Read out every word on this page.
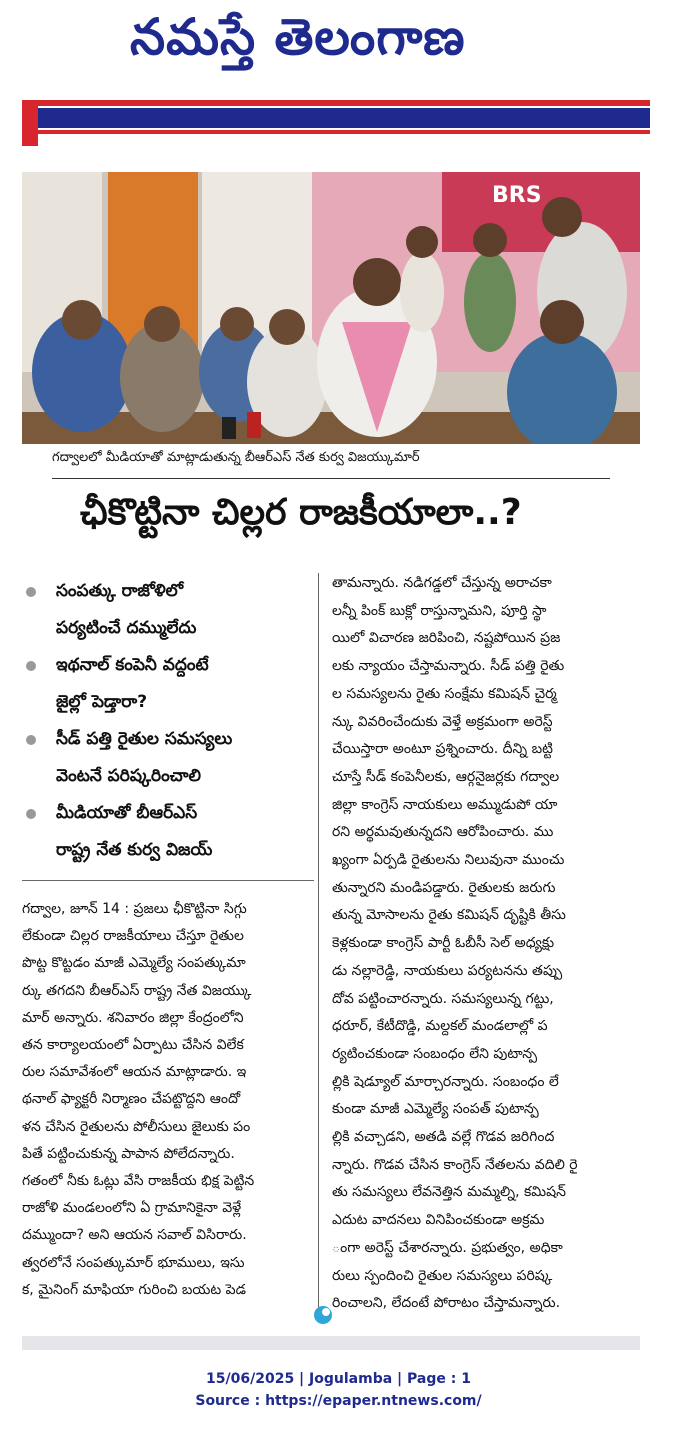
నమస్తే తెలంగాణ
BRS
గద్వాలలో మీడియాతో మాట్లాడుతున్న బీఆర్ఎస్ నేత కుర్వ విజయ్కుమార్
ఛీకొట్టినా చిల్లర రాజకీయాలా..?
సంపత్కు రాజోళిలో
పర్యటించే దమ్ములేదు
ఇథనాల్ కంపెనీ వద్దంటే
జైల్లో పెడ్తారా?
సీడ్ పత్తి రైతుల సమస్యలు
వెంటనే పరిష్కరించాలి
మీడియాతో బీఆర్ఎస్
రాష్ట్ర నేత కుర్వ విజయ్
గద్వాల, జూన్ 14 : ప్రజలు ఛీకొట్టినా సిగ్గు
లేకుండా చిల్లర రాజకీయాలు చేస్తూ రైతుల
పొట్ట కొట్టడం మాజీ ఎమ్మెల్యే సంపత్కుమా
ర్కు తగదని బీఆర్ఎస్ రాష్ట్ర నేత విజయ్కు
మార్ అన్నారు. శనివారం జిల్లా కేంద్రంలోని
తన కార్యాలయంలో ఏర్పాటు చేసిన విలేక
రుల సమావేశంలో ఆయన మాట్లాడారు. ఇ
థనాల్ ఫ్యాక్టరీ నిర్మాణం చేపట్టొద్దని ఆందో
ళన చేసిన రైతులను పోలీసులు జైలుకు పం
పితే పట్టించుకున్న పాపాన పోలేదన్నారు.
గతంలో నీకు ఓట్లు వేసి రాజకీయ భిక్ష పెట్టిన
రాజోళి మండలంలోని ఏ గ్రామానికైనా వెళ్లే
దమ్ముందా? అని ఆయన సవాల్ విసిరారు.
త్వరలోనే సంపత్కుమార్ భూములు, ఇసు
క, మైనింగ్ మాఫియా గురించి బయట పెడ
తామన్నారు. నడిగడ్డలో చేస్తున్న అరాచకా
లన్నీ పింక్ బుక్లో రాస్తున్నామని, పూర్తి స్థా
యిలో విచారణ జరిపించి, నష్టపోయిన ప్రజ
లకు న్యాయం చేస్తామన్నారు. సీడ్ పత్తి రైతు
ల సమస్యలను రైతు సంక్షేమ కమిషన్ చైర్మ
న్కు వివరించేందుకు వెళ్తే అక్రమంగా అరెస్ట్
చేయిస్తారా అంటూ ప్రశ్నించారు. దీన్ని బట్టి
చూస్తే సీడ్ కంపెనీలకు, ఆర్గనైజర్లకు గద్వాల
జిల్లా కాంగ్రెస్ నాయకులు అమ్ముడుపో యా
రని అర్థమవుతున్నదని ఆరోపించారు. ము
ఖ్యంగా ఏర్పడి రైతులను నిలువునా ముంచు
తున్నారని మండిపడ్డారు. రైతులకు జరుగు
తున్న మోసాలను రైతు కమిషన్ దృష్టికి తీసు
కెళ్లకుండా కాంగ్రెస్ పార్టీ ఓబీసీ సెల్ అధ్యక్షు
డు నల్లారెడ్డి, నాయకులు పర్యటనను తప్పు
దోవ పట్టించారన్నారు. సమస్యలున్న గట్టు,
ధరూర్, కేటీదొడ్డి, మల్దకల్ మండలాల్లో ప
ర్యటించకుండా సంబంధం లేని పుటాన్ప
ల్లికి షెడ్యూల్ మార్చారన్నారు. సంబంధం లే
కుండా మాజీ ఎమ్మెల్యే సంపత్ పుటాన్ప
ల్లికి వచ్చాడని, అతడి వల్లే గొడవ జరిగింద
న్నారు. గొడవ చేసిన కాంగ్రెస్ నేతలను వదిలి రై
తు సమస్యలు లేవనెత్తిన మమ్మల్ని, కమిషన్
ఎదుట వాదనలు వినిపించకుండా అక్రమ
ంగా అరెస్ట్ చేశారన్నారు. ప్రభుత్వం, అధికా
రులు స్పందించి రైతుల సమస్యలు పరిష్క
రించాలని, లేదంటే పోరాటం చేస్తామన్నారు.
15/06/2025 | Jogulamba | Page : 1
Source : https://epaper.ntnews.com/
